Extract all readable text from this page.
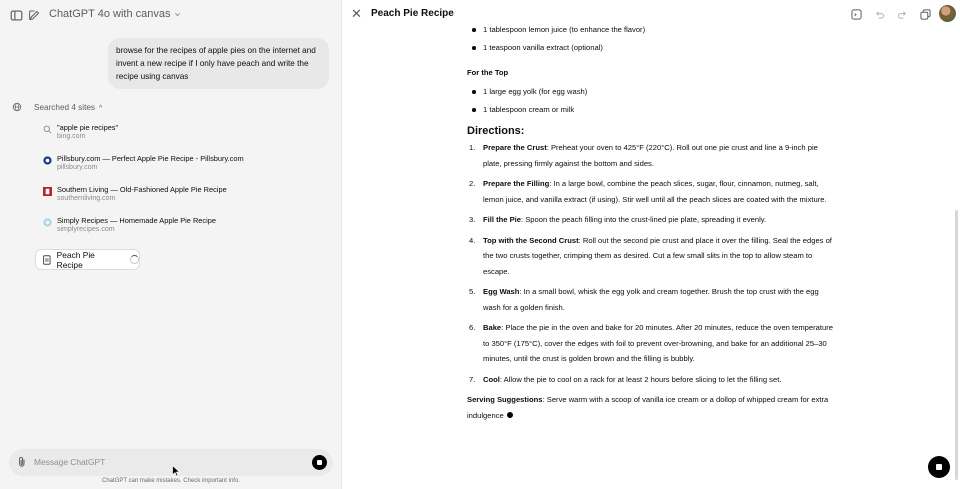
ChatGPT 4o with canvas
browse for the recipes of apple pies on the internet and invent a new recipe if I only have peach and write the recipe using canvas
Searched 4 sites ^
"apple pie recipes"
bing.com
Pillsbury.com — Perfect Apple Pie Recipe - Pillsbury.com
pillsbury.com
Southern Living — Old-Fashioned Apple Pie Recipe
southernliving.com
Simply Recipes — Homemade Apple Pie Recipe
simplyrecipes.com
Peach Pie Recipe
Message ChatGPT
ChatGPT can make mistakes. Check important info.
✕ Peach Pie Recipe
1 tablespoon lemon juice (to enhance the flavor)
1 teaspoon vanilla extract (optional)
For the Top
1 large egg yolk (for egg wash)
1 tablespoon cream or milk
Directions:
1. Prepare the Crust: Preheat your oven to 425°F (220°C). Roll out one pie crust and line a 9-inch pie plate, pressing firmly against the bottom and sides.
2. Prepare the Filling: In a large bowl, combine the peach slices, sugar, flour, cinnamon, nutmeg, salt, lemon juice, and vanilla extract (if using). Stir well until all the peach slices are coated with the mixture.
3. Fill the Pie: Spoon the peach filling into the crust-lined pie plate, spreading it evenly.
4. Top with the Second Crust: Roll out the second pie crust and place it over the filling. Seal the edges of the two crusts together, crimping them as desired. Cut a few small slits in the top to allow steam to escape.
5. Egg Wash: In a small bowl, whisk the egg yolk and cream together. Brush the top crust with the egg wash for a golden finish.
6. Bake: Place the pie in the oven and bake for 20 minutes. After 20 minutes, reduce the oven temperature to 350°F (175°C), cover the edges with foil to prevent over-browning, and bake for an additional 25–30 minutes, until the crust is golden brown and the filling is bubbly.
7. Cool: Allow the pie to cool on a rack for at least 2 hours before slicing to let the filling set.
Serving Suggestions: Serve warm with a scoop of vanilla ice cream or a dollop of whipped cream for extra indulgence
